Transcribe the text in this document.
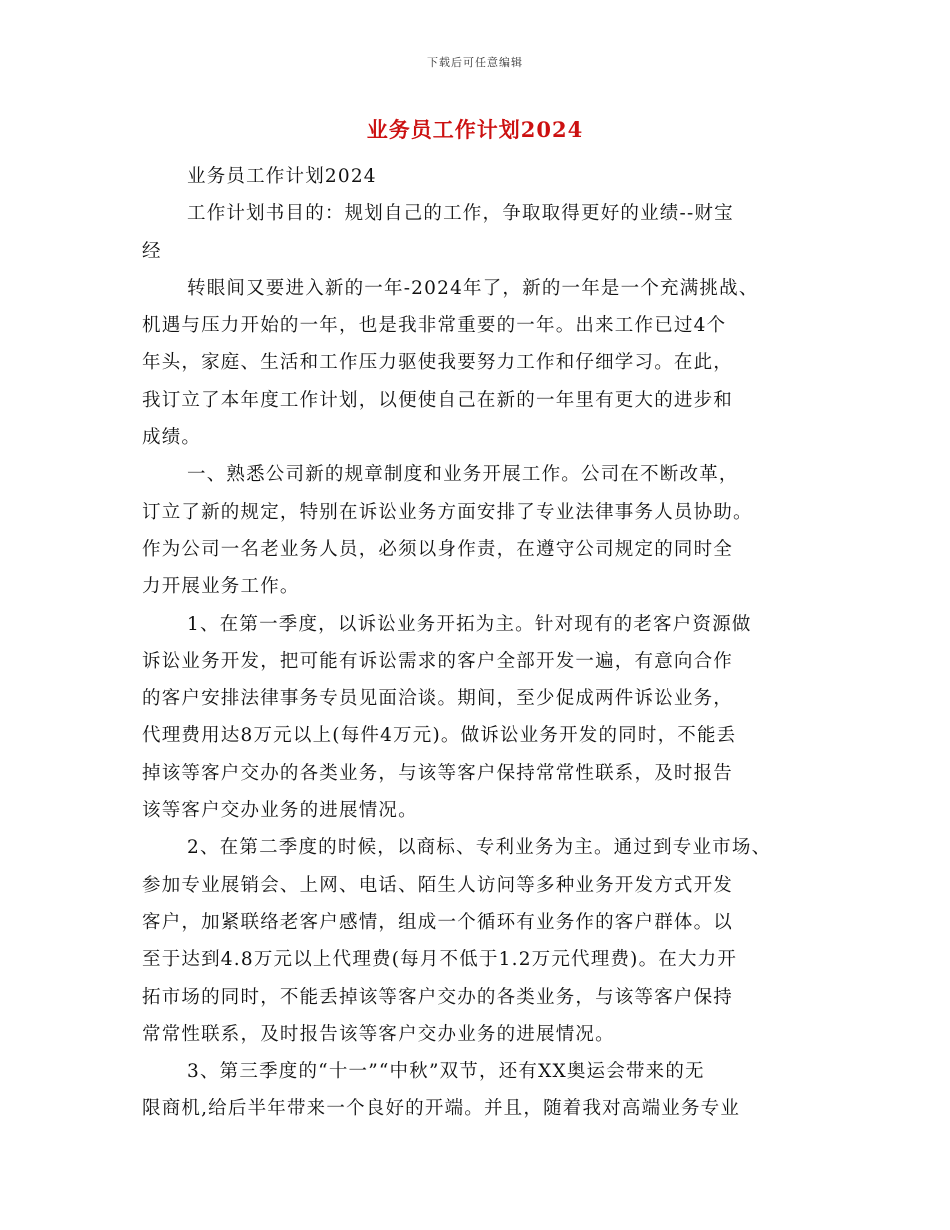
下载后可任意编辑
业务员工作计划2024
业务员工作计划2024
工作计划书目的：规划自己的工作，争取取得更好的业绩--财宝
经
转眼间又要进入新的一年-2024年了，新的一年是一个充满挑战、
机遇与压力开始的一年，也是我非常重要的一年。出来工作已过4个
年头，家庭、生活和工作压力驱使我要努力工作和仔细学习。在此，
我订立了本年度工作计划，以便使自己在新的一年里有更大的进步和
成绩。
一、熟悉公司新的规章制度和业务开展工作。公司在不断改革，
订立了新的规定，特别在诉讼业务方面安排了专业法律事务人员协助。
作为公司一名老业务人员，必须以身作责，在遵守公司规定的同时全
力开展业务工作。
1、在第一季度，以诉讼业务开拓为主。针对现有的老客户资源做
诉讼业务开发，把可能有诉讼需求的客户全部开发一遍，有意向合作
的客户安排法律事务专员见面洽谈。期间，至少促成两件诉讼业务，
代理费用达8万元以上(每件4万元)。做诉讼业务开发的同时，不能丢
掉该等客户交办的各类业务，与该等客户保持常常性联系，及时报告
该等客户交办业务的进展情况。
2、在第二季度的时候，以商标、专利业务为主。通过到专业市场、
参加专业展销会、上网、电话、陌生人访问等多种业务开发方式开发
客户，加紧联络老客户感情，组成一个循环有业务作的客户群体。以
至于达到4.8万元以上代理费(每月不低于1.2万元代理费)。在大力开
拓市场的同时，不能丢掉该等客户交办的各类业务，与该等客户保持
常常性联系，及时报告该等客户交办业务的进展情况。
3、第三季度的“十一”“中秋”双节，还有XX奥运会带来的无
限商机,给后半年带来一个良好的开端。并且，随着我对高端业务专业
